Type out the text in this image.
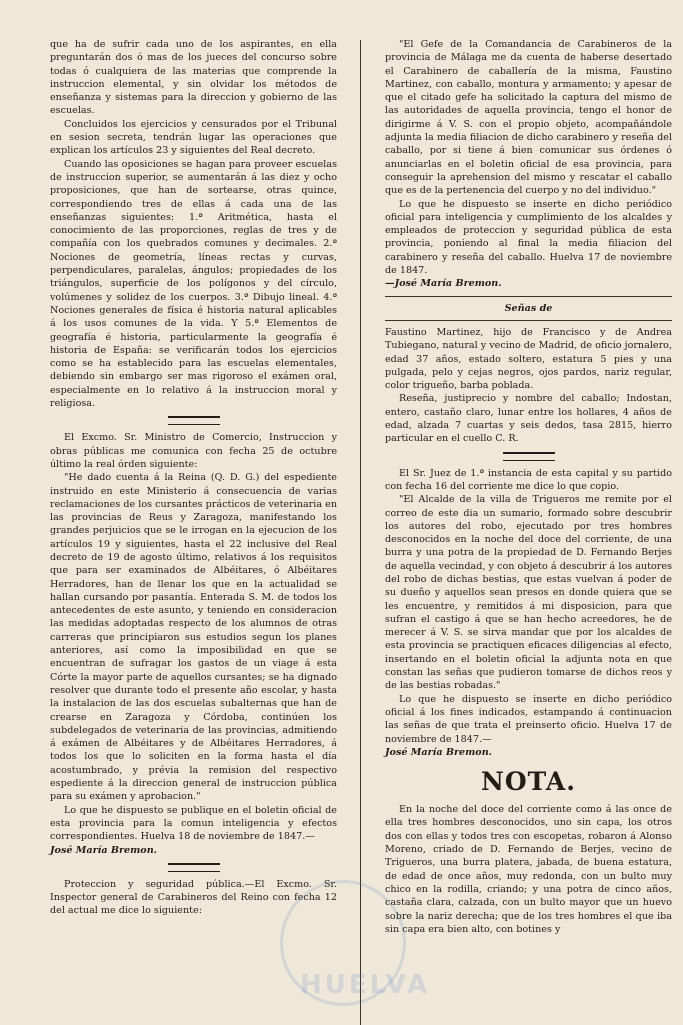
que ha de sufrir cada uno de los aspirantes, en ella preguntarán dos ó mas de los jueces del concurso sobre todas ó cualquiera de las materias que comprende la instruccion elemental, y sin olvidar los métodos de enseñanza y sistemas para la direccion y gobierno de las escuelas.

Concluidos los ejercicios y censurados por el Tribunal en sesion secreta, tendrán lugar las operaciones que explican los artículos 23 y siguientes del Real decreto.

Cuando las oposiciones se hagan para proveer escuelas de instruccion superior, se aumentarán á las diez y ocho proposiciones, que han de sortearse, otras quince, correspondiendo tres de ellas á cada una de las enseñanzas siguientes: 1.ª Aritmética, hasta el conocimiento de las proporciones, reglas de tres y de compañía con los quebrados comunes y decimales. 2.ª Nociones de geometría, líneas rectas y curvas, perpendiculares, paralelas, ángulos; propiedades de los triángulos, superficie de los polígonos y del círculo, volúmenes y solidez de los cuerpos. 3.ª Dibujo lineal. 4.ª Nociones generales de física é historia natural aplicables á los usos comunes de la vida. Y 5.ª Elementos de geografía é historia, particularmente la geografía é historia de España: se verificarán todos los ejercicios como se ha establecido para las escuelas elementales, debiendo sin embargo ser mas rigoroso el exámen oral, especialmente en lo relativo á la instruccion moral y religiosa.

El Excmo. Sr. Ministro de Comercio, Instruccion y obras públicas me comunica con fecha 25 de octubre último la real órden siguiente:

"He dado cuenta á la Reina (Q. D. G.) del espediente instruido en este Ministerio á consecuencia de varias reclamaciones de los cursantes prácticos de veterinaria en las provincias de Reus y Zaragoza, manifestando los grandes perjuicios que se le irrogan en la ejecucion de los artículos 19 y siguientes, hasta el 22 inclusive del Real decreto de 19 de agosto último, relativos á los requisitos que para ser examinados de Albéitares, ó Albéitares Herradores, han de llenar los que en la actualidad se hallan cursando por pasantía. Enterada S. M. de todos los antecedentes de este asunto, y teniendo en consideracion las medidas adoptadas respecto de los alumnos de otras carreras que principiaron sus estudios segun los planes anteriores, así como la imposibilidad en que se encuentran de sufragar los gastos de un viage á esta Córte la mayor parte de aquellos cursantes; se ha dignado resolver que durante todo el presente año escolar, y hasta la instalacion de las dos escuelas subalternas que han de crearse en Zaragoza y Córdoba, continúen los subdelegados de veterinaria de las provincias, admitiendo á exámen de Albéitares y de Albéitares Herradores, á todos los que lo soliciten en la forma hasta el día acostumbrado, y prévia la remision del respectivo espediente á la direccion general de instruccion pública para su exámen y aprobacion."

Lo que he dispuesto se publique en el boletin oficial de esta provincia para la comun inteligencia y efectos correspondientes. Huelva 18 de noviembre de 1847.—

José María Bremon.

Proteccion y seguridad pública.—El Excmo. Sr. Inspector general de Carabineros del Reino con fecha 12 del actual me dice lo siguiente:

"El Gefe de la Comandancia de Carabineros de la provincia de Málaga me da cuenta de haberse desertado el Carabinero de caballería de la misma, Faustino Martinez, con caballo, montura y armamento; y apesar de que el citado gefe ha solicitado la captura del mismo de las autoridades de aquella provincia, tengo el honor de dirigirme á V. S. con el propio objeto, acompañándole adjunta la media filiacion de dicho carabinero y reseña del caballo, por si tiene á bien comunicar sus órdenes ó anunciarlas en el boletin oficial de esa provincia, para conseguir la aprehension del mismo y rescatar el caballo que es de la pertenencia del cuerpo y no del individuo."

Lo que he dispuesto se inserte en dicho periódico oficial para inteligencia y cumplimiento de los alcaldes y empleados de proteccion y seguridad pública de esta provincia, poniendo al final la media filiacion del carabinero y reseña del caballo. Huelva 17 de noviembre de 1847.

—José María Bremon.

Señas de

Faustino Martinez, hijo de Francisco y de Andrea Tubiegano, natural y vecino de Madrid, de oficio jornalero, edad 37 años, estado soltero, estatura 5 pies y una pulgada, pelo y cejas negros, ojos pardos, nariz regular, color trigueño, barba poblada.

Reseña, justiprecio y nombre del caballo; Indostan, entero, castaño claro, lunar entre los hollares, 4 años de edad, alzada 7 cuartas y seis dedos, tasa 2815, hierro particular en el cuello C. R.

El Sr. Juez de 1.ª instancia de esta capital y su partido con fecha 16 del corriente me dice lo que copio.

"El Alcalde de la villa de Trigueros me remite por el correo de este dia un sumario, formado sobre descubrir los autores del robo, ejecutado por tres hombres desconocidos en la noche del doce del corriente, de una burra y una potra de la propiedad de D. Fernando Berjes de aquella vecindad, y con objeto á descubrir á los autores del robo de dichas bestias, que estas vuelvan á poder de su dueño y aquellos sean presos en donde quiera que se les encuentre, y remitidos á mi disposicion, para que sufran el castigo á que se han hecho acreedores, he de merecer á V. S. se sirva mandar que por los alcaldes de esta provincia se practiquen eficaces diligencias al efecto, insertando en el boletin oficial la adjunta nota en que constan las señas que pudieron tomarse de dichos reos y de las bestias robadas."

Lo que he dispuesto se inserte en dicho periódico oficial á los fines indicados, estampando á continuacion las señas de que trata el preinserto oficio. Huelva 17 de noviembre de 1847.—

José María Bremon.

NOTA.

En la noche del doce del corriente como á las once de ella tres hombres desconocidos, uno sin capa, los otros dos con ellas y todos tres con escopetas, robaron á Alonso Moreno, criado de D. Fernando de Berjes, vecino de Trigueros, una burra platera, jabada, de buena estatura, de edad de once años, muy redonda, con un bulto muy chico en la rodilla, criando; y una potra de cinco años, castaña clara, calzada, con un bulto mayor que un huevo sobre la nariz derecha; que de los tres hombres el que iba sin capa era bien alto, con botines y

HUELVA
